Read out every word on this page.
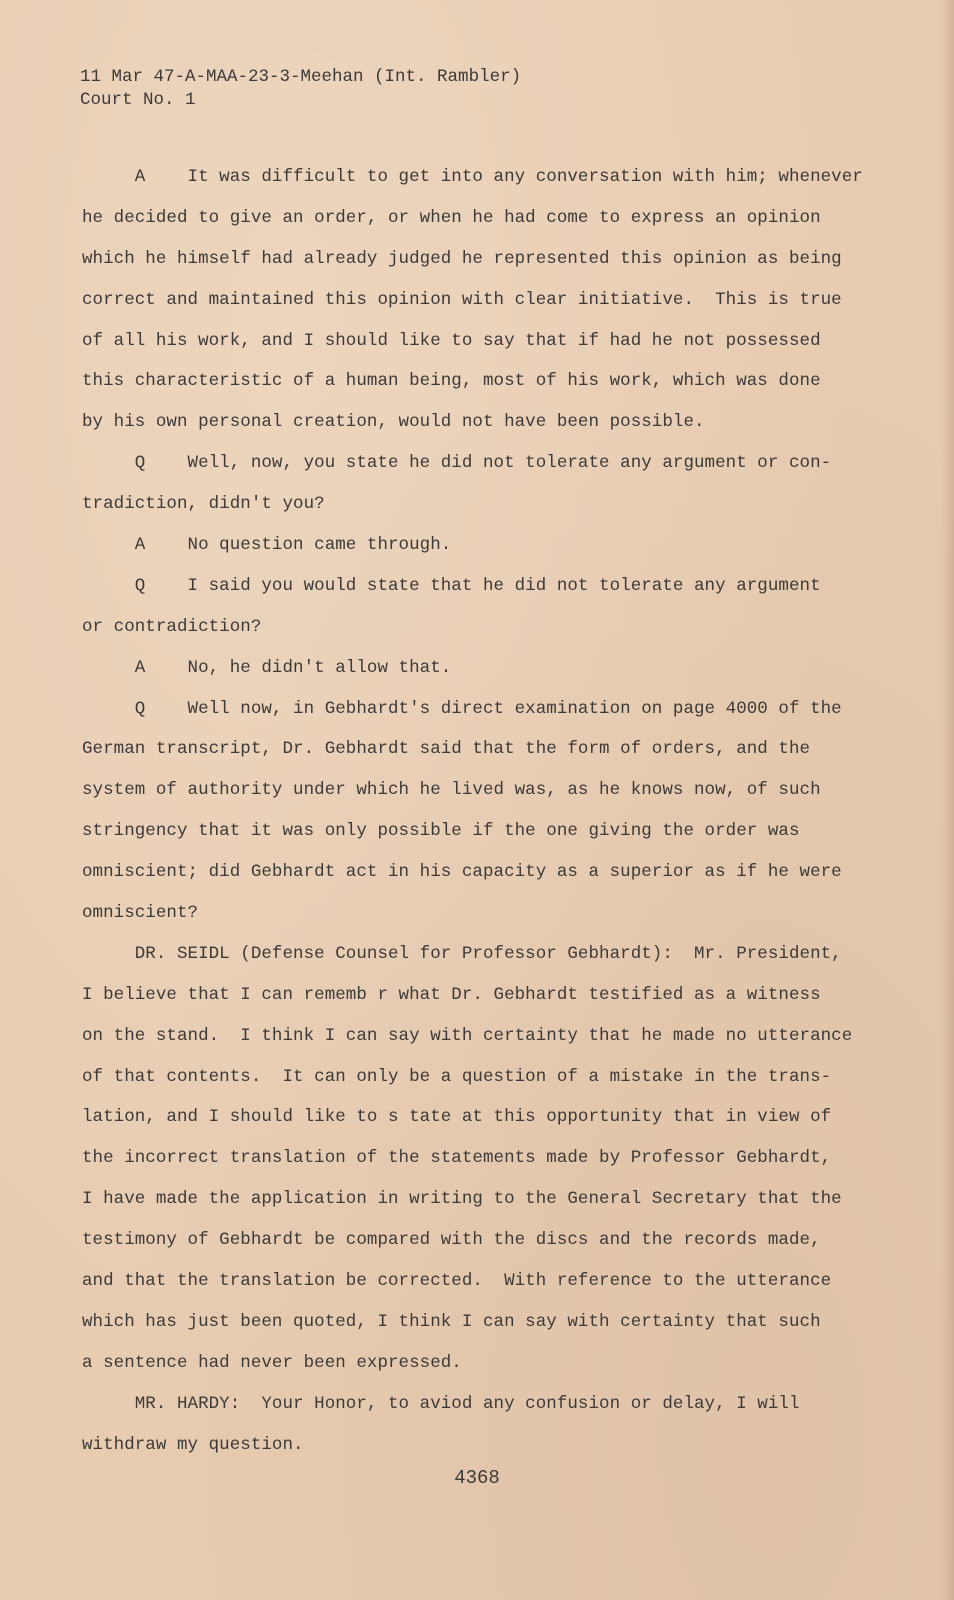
11 Mar 47-A-MAA-23-3-Meehan (Int. Rambler)
Court No. 1
A    It was difficult to get into any conversation with him; whenever
he decided to give an order, or when he had come to express an opinion
which he himself had already judged he represented this opinion as being
correct and maintained this opinion with clear initiative.  This is true
of all his work, and I should like to say that if had he not possessed
this characteristic of a human being, most of his work, which was done
by his own personal creation, would not have been possible.
Q    Well, now, you state he did not tolerate any argument or con-
tradiction, didn't you?
A    No question came through.
Q    I said you would state that he did not tolerate any argument
or contradiction?
A    No, he didn't allow that.
Q    Well now, in Gebhardt's direct examination on page 4000 of the
German transcript, Dr. Gebhardt said that the form of orders, and the
system of authority under which he lived was, as he knows now, of such
stringency that it was only possible if the one giving the order was
omniscient; did Gebhardt act in his capacity as a superior as if he were
omniscient?
DR. SEIDL (Defense Counsel for Professor Gebhardt):  Mr. President,
I believe that I can rememb r what Dr. Gebhardt testified as a witness
on the stand.  I think I can say with certainty that he made no utterance
of that contents.  It can only be a question of a mistake in the trans-
lation, and I should like to s tate at this opportunity that in view of
the incorrect translation of the statements made by Professor Gebhardt,
I have made the application in writing to the General Secretary that the
testimony of Gebhardt be compared with the discs and the records made,
and that the translation be corrected.  With reference to the utterance
which has just been quoted, I think I can say with certainty that such
a sentence had never been expressed.
MR. HARDY:  Your Honor, to aviod any confusion or delay, I will
withdraw my question.
4368
